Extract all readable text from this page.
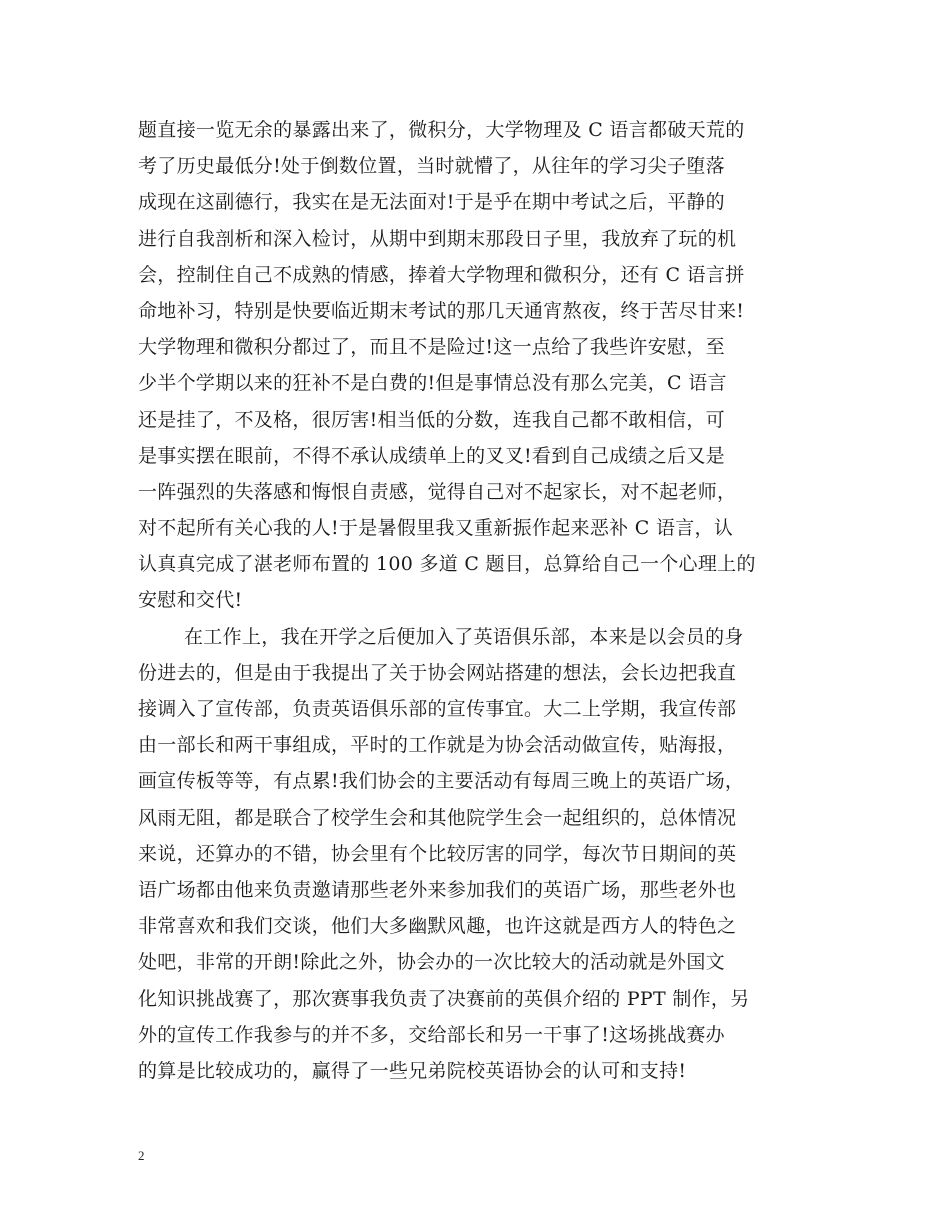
题直接一览无余的暴露出来了，微积分，大学物理及 C 语言都破天荒的
考了历史最低分!处于倒数位置，当时就懵了，从往年的学习尖子堕落
成现在这副德行，我实在是无法面对!于是乎在期中考试之后，平静的
进行自我剖析和深入检讨，从期中到期末那段日子里，我放弃了玩的机
会，控制住自己不成熟的情感，捧着大学物理和微积分，还有 C 语言拼
命地补习，特别是快要临近期末考试的那几天通宵熬夜，终于苦尽甘来!
大学物理和微积分都过了，而且不是险过!这一点给了我些许安慰，至
少半个学期以来的狂补不是白费的!但是事情总没有那么完美，C 语言
还是挂了，不及格，很厉害!相当低的分数，连我自己都不敢相信，可
是事实摆在眼前，不得不承认成绩单上的叉叉!看到自己成绩之后又是
一阵强烈的失落感和悔恨自责感，觉得自己对不起家长，对不起老师，
对不起所有关心我的人!于是暑假里我又重新振作起来恶补 C 语言，认
认真真完成了湛老师布置的 100 多道 C 题目，总算给自己一个心理上的
安慰和交代!
在工作上，我在开学之后便加入了英语俱乐部，本来是以会员的身
份进去的，但是由于我提出了关于协会网站搭建的想法，会长边把我直
接调入了宣传部，负责英语俱乐部的宣传事宜。大二上学期，我宣传部
由一部长和两干事组成，平时的工作就是为协会活动做宣传，贴海报，
画宣传板等等，有点累!我们协会的主要活动有每周三晚上的英语广场，
风雨无阻，都是联合了校学生会和其他院学生会一起组织的，总体情况
来说，还算办的不错，协会里有个比较厉害的同学，每次节日期间的英
语广场都由他来负责邀请那些老外来参加我们的英语广场，那些老外也
非常喜欢和我们交谈，他们大多幽默风趣，也许这就是西方人的特色之
处吧，非常的开朗!除此之外，协会办的一次比较大的活动就是外国文
化知识挑战赛了，那次赛事我负责了决赛前的英俱介绍的 PPT 制作，另
外的宣传工作我参与的并不多，交给部长和另一干事了!这场挑战赛办
的算是比较成功的，赢得了一些兄弟院校英语协会的认可和支持!
2
